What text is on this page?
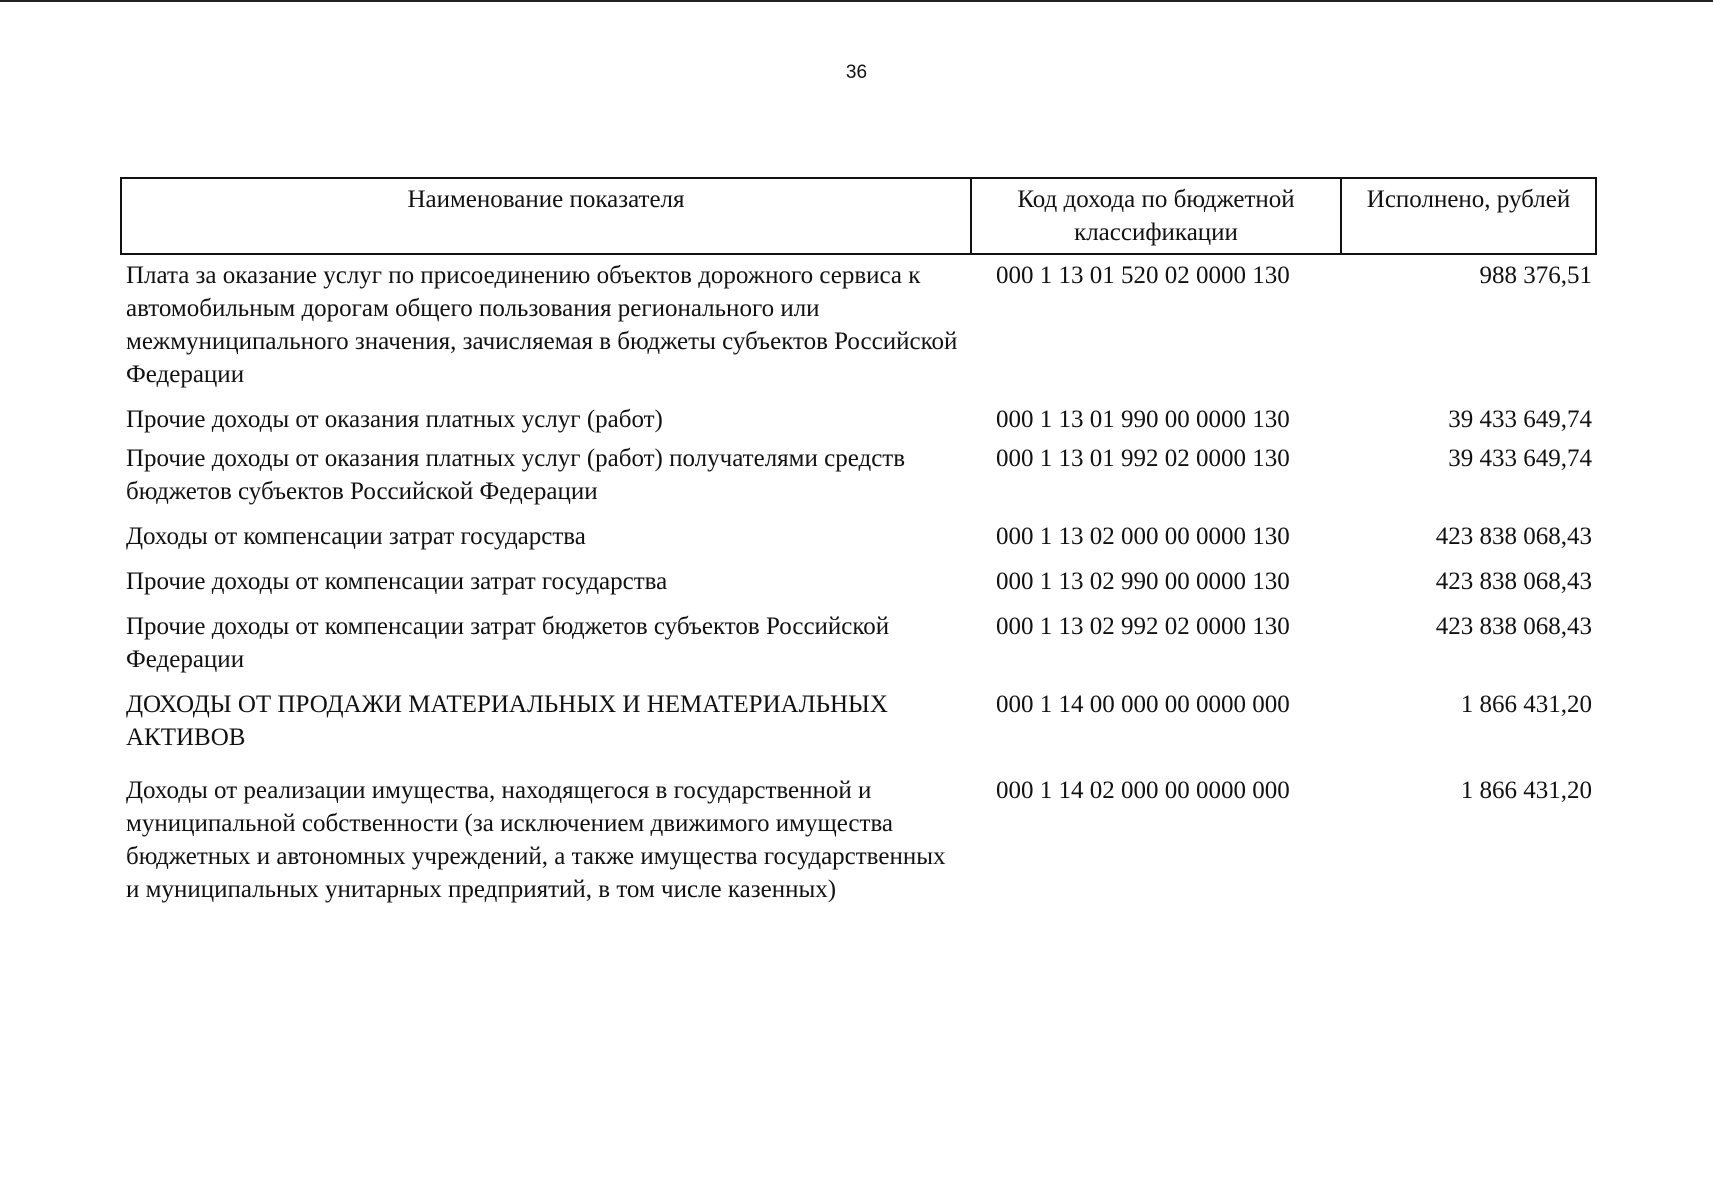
36
Наименование показателя	Код дохода по бюджетной классификации	Исполнено, рублей
Плата за оказание услуг по присоединению объектов дорожного сервиса к автомобильным дорогам общего пользования регионального или межмуниципального значения, зачисляемая в бюджеты субъектов Российской Федерации	000 1 13 01 520 02 0000 130	988 376,51
Прочие доходы от оказания платных услуг (работ)	000 1 13 01 990 00 0000 130	39 433 649,74
Прочие доходы от оказания платных услуг (работ) получателями средств бюджетов субъектов Российской Федерации	000 1 13 01 992 02 0000 130	39 433 649,74
Доходы от компенсации затрат государства	000 1 13 02 000 00 0000 130	423 838 068,43
Прочие доходы от компенсации затрат государства	000 1 13 02 990 00 0000 130	423 838 068,43
Прочие доходы от компенсации затрат бюджетов субъектов Российской Федерации	000 1 13 02 992 02 0000 130	423 838 068,43
ДОХОДЫ ОТ ПРОДАЖИ МАТЕРИАЛЬНЫХ И НЕМАТЕРИАЛЬНЫХ АКТИВОВ	000 1 14 00 000 00 0000 000	1 866 431,20
Доходы от реализации имущества, находящегося в государственной и муниципальной собственности (за исключением движимого имущества бюджетных и автономных учреждений, а также имущества государственных и муниципальных унитарных предприятий, в том числе казенных)	000 1 14 02 000 00 0000 000	1 866 431,20
